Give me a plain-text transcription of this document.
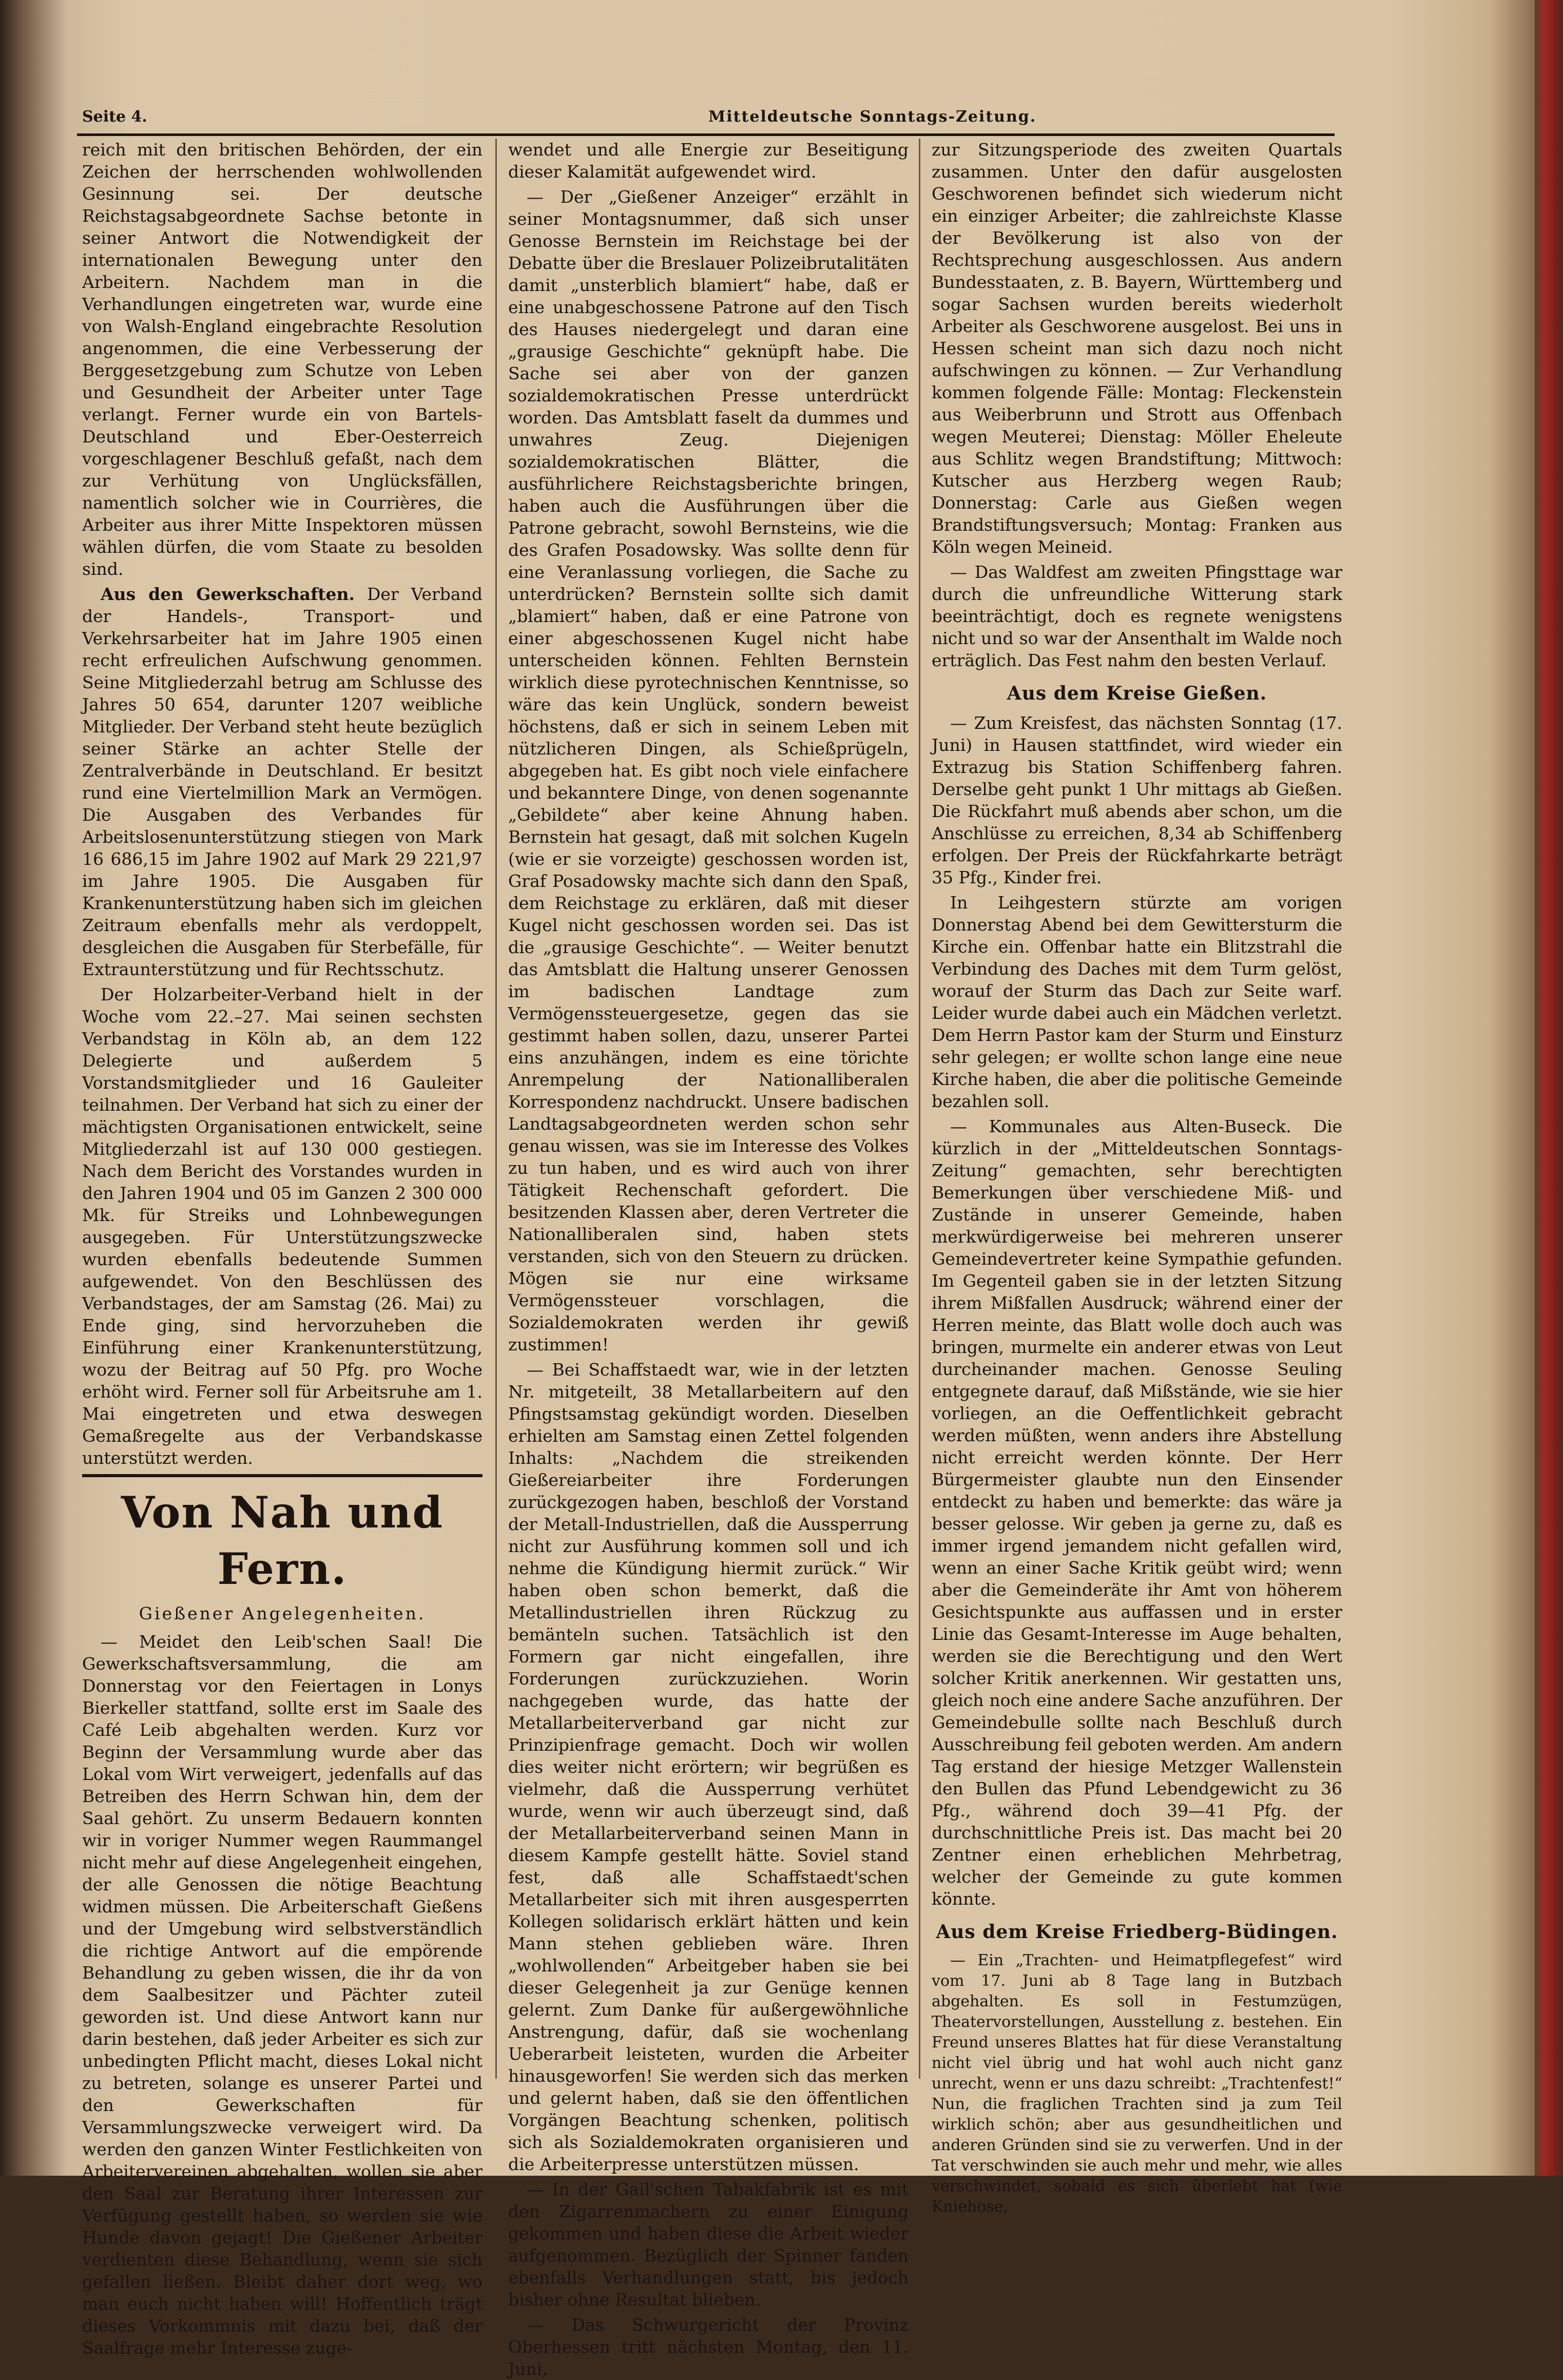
Seite 4.	Mitteldeutsche Sonntags-Zeitung.

reich mit den britischen Behörden, der ein Zeichen der herrschenden wohlwollenden Gesinnung sei. Der deutsche Reichstagsabgeordnete Sachse betonte in seiner Antwort die Notwendigkeit der internationalen Bewegung unter den Arbeitern. Nachdem man in die Verhandlungen eingetreten war, wurde eine von Walsh-England eingebrachte Resolution angenommen, die eine Verbesserung der Berggesetzgebung zum Schutze von Leben und Gesundheit der Arbeiter unter Tage verlangt. Ferner wurde ein von Bartels-Deutschland und Eber-Oesterreich vorgeschlagener Beschluß gefaßt, nach dem zur Verhütung von Unglücksfällen, namentlich solcher wie in Courrières, die Arbeiter aus ihrer Mitte Inspektoren müssen wählen dürfen, die vom Staate zu besolden sind.

Aus den Gewerkschaften. Der Verband der Handels-, Transport- und Verkehrsarbeiter hat im Jahre 1905 einen recht erfreulichen Aufschwung genommen. Seine Mitgliederzahl betrug am Schlusse des Jahres 50 654, darunter 1207 weibliche Mitglieder. Der Verband steht heute bezüglich seiner Stärke an achter Stelle der Zentralverbände in Deutschland. Er besitzt rund eine Viertelmillion Mark an Vermögen. Die Ausgaben des Verbandes für Arbeitslosenunterstützung stiegen von Mark 16 686,15 im Jahre 1902 auf Mark 29 221,97 im Jahre 1905. Die Ausgaben für Krankenunterstützung haben sich im gleichen Zeitraum ebenfalls mehr als verdoppelt, desgleichen die Ausgaben für Sterbefälle, für Extraunterstützung und für Rechtsschutz.

Der Holzarbeiter-Verband hielt in der Woche vom 22.–27. Mai seinen sechsten Verbandstag in Köln ab, an dem 122 Delegierte und außerdem 5 Vorstandsmitglieder und 16 Gauleiter teilnahmen. Der Verband hat sich zu einer der mächtigsten Organisationen entwickelt, seine Mitgliederzahl ist auf 130 000 gestiegen. Nach dem Bericht des Vorstandes wurden in den Jahren 1904 und 05 im Ganzen 2 300 000 Mk. für Streiks und Lohnbewegungen ausgegeben. Für Unterstützungszwecke wurden ebenfalls bedeutende Summen aufgewendet. Von den Beschlüssen des Verbandstages, der am Samstag (26. Mai) zu Ende ging, sind hervorzuheben die Einführung einer Krankenunterstützung, wozu der Beitrag auf 50 Pfg. pro Woche erhöht wird. Ferner soll für Arbeitsruhe am 1. Mai eingetreten und etwa deswegen Gemaßregelte aus der Verbandskasse unterstützt werden.

Von Nah und Fern.
Gießener Angelegenheiten.

— Meidet den Leib'schen Saal! Die Gewerkschaftsversammlung, die am Donnerstag vor den Feiertagen in Lonys Bierkeller stattfand, sollte erst im Saale des Café Leib abgehalten werden. Kurz vor Beginn der Versammlung wurde aber das Lokal vom Wirt verweigert, jedenfalls auf das Betreiben des Herrn Schwan hin, dem der Saal gehört. Zu unserm Bedauern konnten wir in voriger Nummer wegen Raummangel nicht mehr auf diese Angelegenheit eingehen, der alle Genossen die nötige Beachtung widmen müssen. Die Arbeiterschaft Gießens und der Umgebung wird selbstverständlich die richtige Antwort auf die empörende Behandlung zu geben wissen, die ihr da von dem Saalbesitzer und Pächter zuteil geworden ist. Und diese Antwort kann nur darin bestehen, daß jeder Arbeiter es sich zur unbedingten Pflicht macht, dieses Lokal nicht zu betreten, solange es unserer Partei und den Gewerkschaften für Versammlungszwecke verweigert wird. Da werden den ganzen Winter Festlichkeiten von Arbeitervereinen abgehalten, wollen sie aber den Saal zur Beratung ihrer Interessen zur Verfügung gestellt haben, so werden sie wie Hunde davon gejagt! Die Gießener Arbeiter verdienten diese Behandlung, wenn sie sich gefallen ließen. Bleibt daher dort weg, wo man euch nicht haben will! Hoffentlich trägt dieses Vorkommnis mit dazu bei, daß der Saalfrage mehr Interesse zuge-

wendet und alle Energie zur Beseitigung dieser Kalamität aufgewendet wird.

— Der „Gießener Anzeiger“ erzählt in seiner Montagsnummer, daß sich unser Genosse Bernstein im Reichstage bei der Debatte über die Breslauer Polizeibrutalitäten damit „unsterblich blamiert“ habe, daß er eine unabgeschossene Patrone auf den Tisch des Hauses niedergelegt und daran eine „grausige Geschichte“ geknüpft habe. Die Sache sei aber von der ganzen sozialdemokratischen Presse unterdrückt worden. Das Amtsblatt faselt da dummes und unwahres Zeug. Diejenigen sozialdemokratischen Blätter, die ausführlichere Reichstagsberichte bringen, haben auch die Ausführungen über die Patrone gebracht, sowohl Bernsteins, wie die des Grafen Posadowsky. Was sollte denn für eine Veranlassung vorliegen, die Sache zu unterdrücken? Bernstein sollte sich damit „blamiert“ haben, daß er eine Patrone von einer abgeschossenen Kugel nicht habe unterscheiden können. Fehlten Bernstein wirklich diese pyrotechnischen Kenntnisse, so wäre das kein Unglück, sondern beweist höchstens, daß er sich in seinem Leben mit nützlicheren Dingen, als Schießprügeln, abgegeben hat. Es gibt noch viele einfachere und bekanntere Dinge, von denen sogenannte „Gebildete“ aber keine Ahnung haben. Bernstein hat gesagt, daß mit solchen Kugeln (wie er sie vorzeigte) geschossen worden ist, Graf Posadowsky machte sich dann den Spaß, dem Reichstage zu erklären, daß mit dieser Kugel nicht geschossen worden sei. Das ist die „grausige Geschichte“. — Weiter benutzt das Amtsblatt die Haltung unserer Genossen im badischen Landtage zum Vermögenssteuergesetze, gegen das sie gestimmt haben sollen, dazu, unserer Partei eins anzuhängen, indem es eine törichte Anrempelung der Nationalliberalen Korrespondenz nachdruckt. Unsere badischen Landtagsabgeordneten werden schon sehr genau wissen, was sie im Interesse des Volkes zu tun haben, und es wird auch von ihrer Tätigkeit Rechenschaft gefordert. Die besitzenden Klassen aber, deren Vertreter die Nationalliberalen sind, haben stets verstanden, sich von den Steuern zu drücken. Mögen sie nur eine wirksame Vermögenssteuer vorschlagen, die Sozialdemokraten werden ihr gewiß zustimmen!

— Bei Schaffstaedt war, wie in der letzten Nr. mitgeteilt, 38 Metallarbeitern auf den Pfingstsamstag gekündigt worden. Dieselben erhielten am Samstag einen Zettel folgenden Inhalts: „Nachdem die streikenden Gießereiarbeiter ihre Forderungen zurückgezogen haben, beschloß der Vorstand der Metall-Industriellen, daß die Aussperrung nicht zur Ausführung kommen soll und ich nehme die Kündigung hiermit zurück.“ Wir haben oben schon bemerkt, daß die Metallindustriellen ihren Rückzug zu bemänteln suchen. Tatsächlich ist den Formern gar nicht eingefallen, ihre Forderungen zurückzuziehen. Worin nachgegeben wurde, das hatte der Metallarbeiterverband gar nicht zur Prinzipienfrage gemacht. Doch wir wollen dies weiter nicht erörtern; wir begrüßen es vielmehr, daß die Aussperrung verhütet wurde, wenn wir auch überzeugt sind, daß der Metallarbeiterverband seinen Mann in diesem Kampfe gestellt hätte. Soviel stand fest, daß alle Schaffstaedt'schen Metallarbeiter sich mit ihren ausgesperrten Kollegen solidarisch erklärt hätten und kein Mann stehen geblieben wäre. Ihren „wohlwollenden“ Arbeitgeber haben sie bei dieser Gelegenheit ja zur Genüge kennen gelernt. Zum Danke für außergewöhnliche Anstrengung, dafür, daß sie wochenlang Ueberarbeit leisteten, wurden die Arbeiter hinausgeworfen! Sie werden sich das merken und gelernt haben, daß sie den öffentlichen Vorgängen Beachtung schenken, politisch sich als Sozialdemokraten organisieren und die Arbeiterpresse unterstützen müssen.

— In der Gail'schen Tabakfabrik ist es mit den Zigarrenmachern zu einer Einigung gekommen und haben diese die Arbeit wieder aufgenommen. Bezüglich der Spinner fanden ebenfalls Verhandlungen statt, bis jedoch bisher ohne Resultat blieben.

— Das Schwurgericht der Provinz Oberhessen tritt nächsten Montag, den 11. Juni,

zur Sitzungsperiode des zweiten Quartals zusammen. Unter den dafür ausgelosten Geschworenen befindet sich wiederum nicht ein einziger Arbeiter; die zahlreichste Klasse der Bevölkerung ist also von der Rechtsprechung ausgeschlossen. Aus andern Bundesstaaten, z. B. Bayern, Württemberg und sogar Sachsen wurden bereits wiederholt Arbeiter als Geschworene ausgelost. Bei uns in Hessen scheint man sich dazu noch nicht aufschwingen zu können. — Zur Verhandlung kommen folgende Fälle: Montag: Fleckenstein aus Weiberbrunn und Strott aus Offenbach wegen Meuterei; Dienstag: Möller Eheleute aus Schlitz wegen Brandstiftung; Mittwoch: Kutscher aus Herzberg wegen Raub; Donnerstag: Carle aus Gießen wegen Brandstiftungsversuch; Montag: Franken aus Köln wegen Meineid.

— Das Waldfest am zweiten Pfingsttage war durch die unfreundliche Witterung stark beeinträchtigt, doch es regnete wenigstens nicht und so war der Ansenthalt im Walde noch erträglich. Das Fest nahm den besten Verlauf.

Aus dem Kreise Gießen.

— Zum Kreisfest, das nächsten Sonntag (17. Juni) in Hausen stattfindet, wird wieder ein Extrazug bis Station Schiffenberg fahren. Derselbe geht punkt 1 Uhr mittags ab Gießen. Die Rückfahrt muß abends aber schon, um die Anschlüsse zu erreichen, 8,34 ab Schiffenberg erfolgen. Der Preis der Rückfahrkarte beträgt 35 Pfg., Kinder frei.

In Leihgestern stürzte am vorigen Donnerstag Abend bei dem Gewittersturm die Kirche ein. Offenbar hatte ein Blitzstrahl die Verbindung des Daches mit dem Turm gelöst, worauf der Sturm das Dach zur Seite warf. Leider wurde dabei auch ein Mädchen verletzt. Dem Herrn Pastor kam der Sturm und Einsturz sehr gelegen; er wollte schon lange eine neue Kirche haben, die aber die politische Gemeinde bezahlen soll.

— Kommunales aus Alten-Buseck. Die kürzlich in der „Mitteldeutschen Sonntags-Zeitung“ gemachten, sehr berechtigten Bemerkungen über verschiedene Miß- und Zustände in unserer Gemeinde, haben merkwürdigerweise bei mehreren unserer Gemeindevertreter keine Sympathie gefunden. Im Gegenteil gaben sie in der letzten Sitzung ihrem Mißfallen Ausdruck; während einer der Herren meinte, das Blatt wolle doch auch was bringen, murmelte ein anderer etwas von Leut durcheinander machen. Genosse Seuling entgegnete darauf, daß Mißstände, wie sie hier vorliegen, an die Oeffentlichkeit gebracht werden müßten, wenn anders ihre Abstellung nicht erreicht werden könnte. Der Herr Bürgermeister glaubte nun den Einsender entdeckt zu haben und bemerkte: das wäre ja besser gelosse. Wir geben ja gerne zu, daß es immer irgend jemandem nicht gefallen wird, wenn an einer Sache Kritik geübt wird; wenn aber die Gemeinderäte ihr Amt von höherem Gesichtspunkte aus auffassen und in erster Linie das Gesamt-Interesse im Auge behalten, werden sie die Berechtigung und den Wert solcher Kritik anerkennen. Wir gestatten uns, gleich noch eine andere Sache anzuführen. Der Gemeindebulle sollte nach Beschluß durch Ausschreibung feil geboten werden. Am andern Tag erstand der hiesige Metzger Wallenstein den Bullen das Pfund Lebendgewicht zu 36 Pfg., während doch 39—41 Pfg. der durchschnittliche Preis ist. Das macht bei 20 Zentner einen erheblichen Mehrbetrag, welcher der Gemeinde zu gute kommen könnte.

Aus dem Kreise Friedberg-Büdingen.

— Ein „Trachten- und Heimatpflegefest“ wird vom 17. Juni ab 8 Tage lang in Butzbach abgehalten. Es soll in Festumzügen, Theatervorstellungen, Ausstellung z. bestehen. Ein Freund unseres Blattes hat für diese Veranstaltung nicht viel übrig und hat wohl auch nicht ganz unrecht, wenn er uns dazu schreibt: „Trachtenfest!“ Nun, die fraglichen Trachten sind ja zum Teil wirklich schön; aber aus gesundheitlichen und anderen Gründen sind sie zu verwerfen. Und in der Tat verschwinden sie auch mehr und mehr, wie alles verschwindet, sobald es sich überlebt hat (wie Kniehose,
